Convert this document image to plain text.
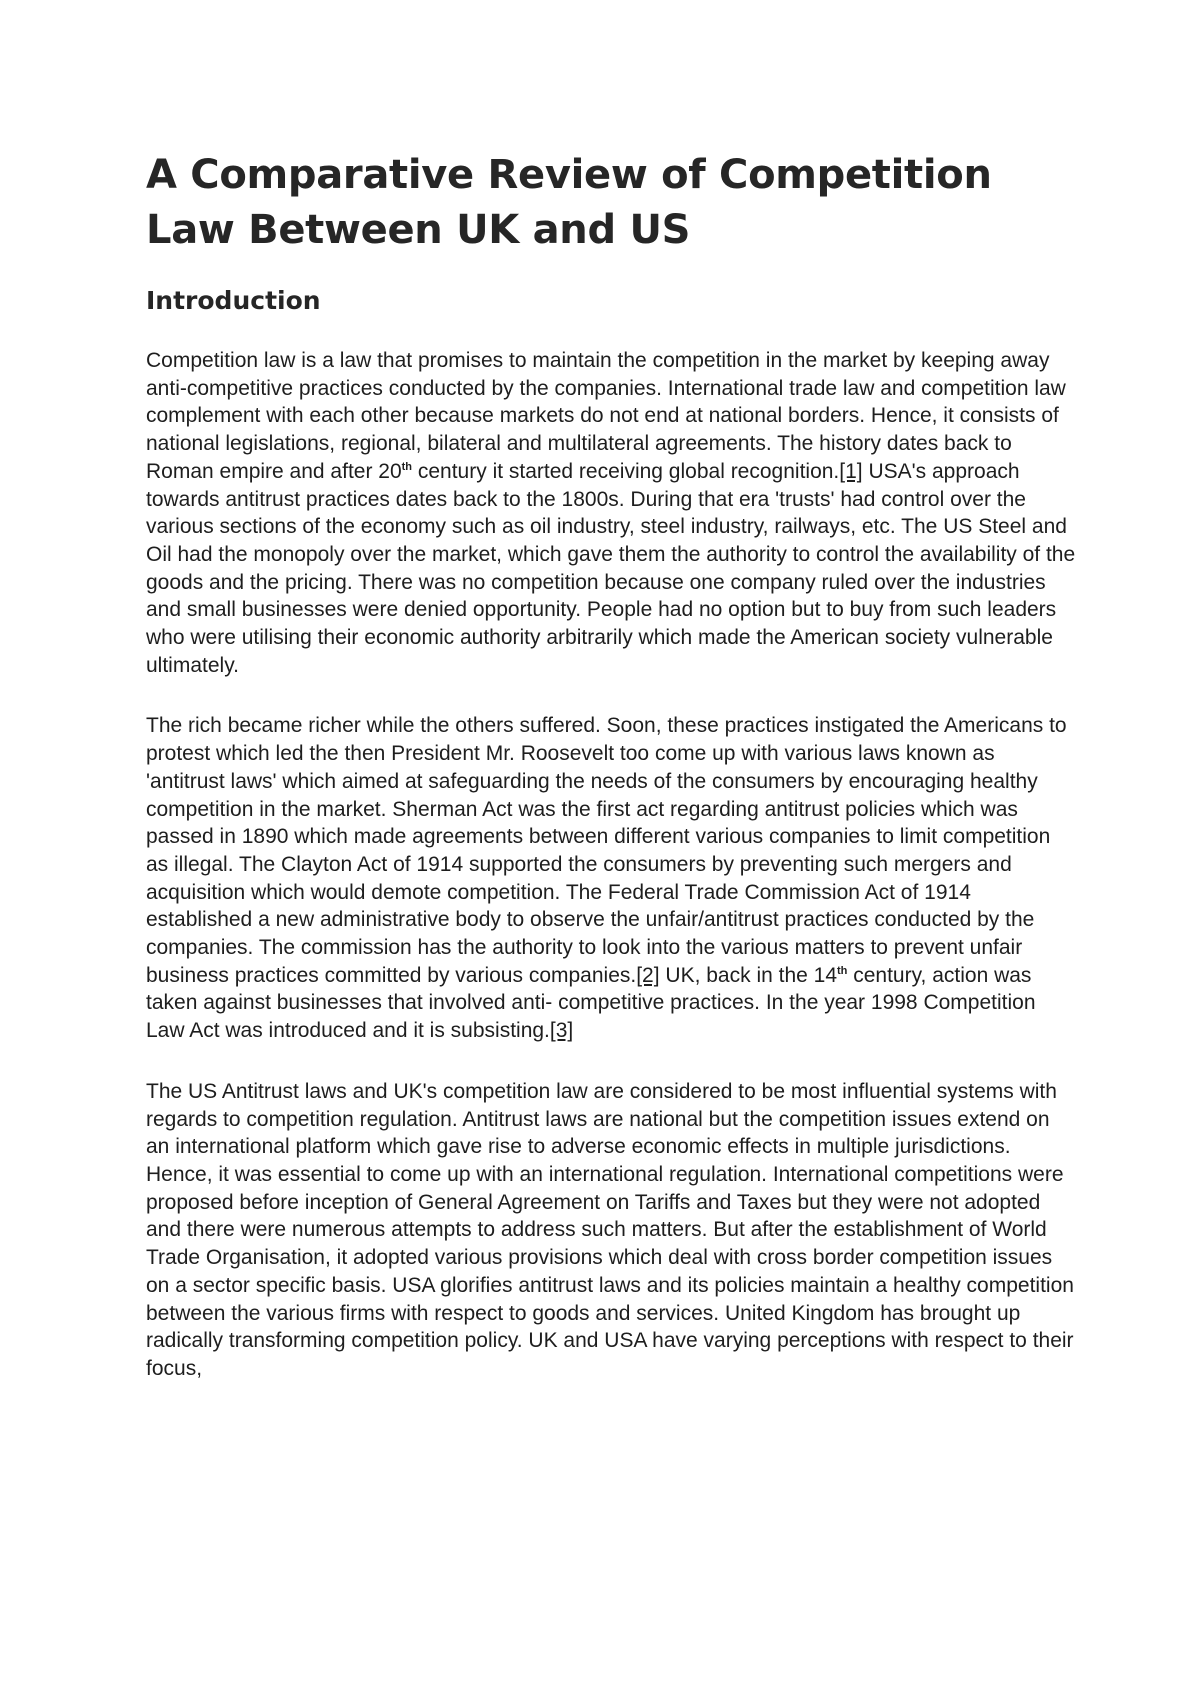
A Comparative Review of Competition Law Between UK and US
Introduction

Competition law is a law that promises to maintain the competition in the market by keeping away anti-competitive practices conducted by the companies. International trade law and competition law complement with each other because markets do not end at national borders. Hence, it consists of national legislations, regional, bilateral and multilateral agreements. The history dates back to Roman empire and after 20th century it started receiving global recognition.[1] USA's approach towards antitrust practices dates back to the 1800s. During that era 'trusts' had control over the various sections of the economy such as oil industry, steel industry, railways, etc. The US Steel and Oil had the monopoly over the market, which gave them the authority to control the availability of the goods and the pricing. There was no competition because one company ruled over the industries and small businesses were denied opportunity. People had no option but to buy from such leaders who were utilising their economic authority arbitrarily which made the American society vulnerable ultimately.

The rich became richer while the others suffered. Soon, these practices instigated the Americans to protest which led the then President Mr. Roosevelt too come up with various laws known as 'antitrust laws' which aimed at safeguarding the needs of the consumers by encouraging healthy competition in the market. Sherman Act was the first act regarding antitrust policies which was passed in 1890 which made agreements between different various companies to limit competition as illegal. The Clayton Act of 1914 supported the consumers by preventing such mergers and acquisition which would demote competition. The Federal Trade Commission Act of 1914 established a new administrative body to observe the unfair/antitrust practices conducted by the companies. The commission has the authority to look into the various matters to prevent unfair business practices committed by various companies.[2] UK, back in the 14th century, action was taken against businesses that involved anti- competitive practices. In the year 1998 Competition Law Act was introduced and it is subsisting.[3]

The US Antitrust laws and UK's competition law are considered to be most influential systems with regards to competition regulation. Antitrust laws are national but the competition issues extend on an international platform which gave rise to adverse economic effects in multiple jurisdictions. Hence, it was essential to come up with an international regulation. International competitions were proposed before inception of General Agreement on Tariffs and Taxes but they were not adopted and there were numerous attempts to address such matters. But after the establishment of World Trade Organisation, it adopted various provisions which deal with cross border competition issues on a sector specific basis. USA glorifies antitrust laws and its policies maintain a healthy competition between the various firms with respect to goods and services. United Kingdom has brought up radically transforming competition policy. UK and USA have varying perceptions with respect to their focus,
